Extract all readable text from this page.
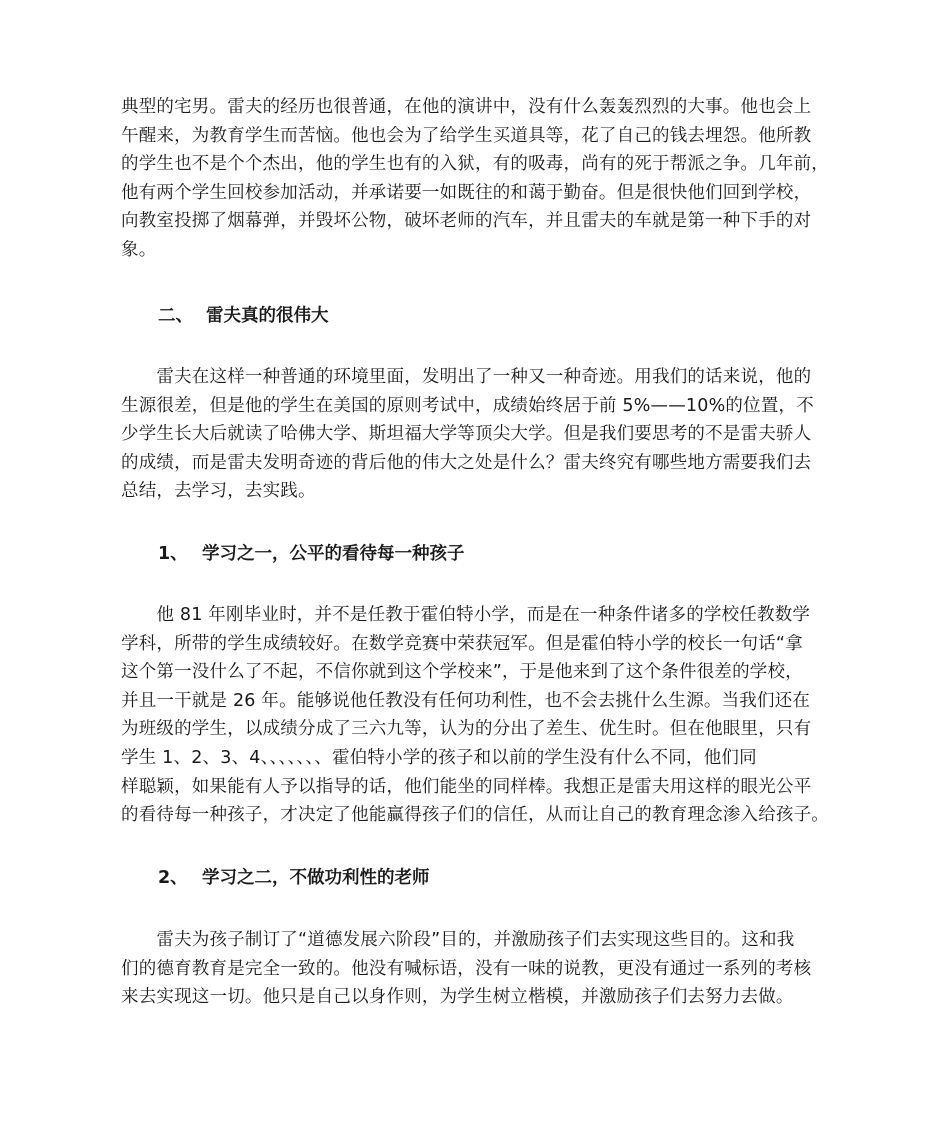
典型的宅男。雷夫的经历也很普通，在他的演讲中，没有什么轰轰烈烈的大事。他也会上
午醒来，为教育学生而苦恼。他也会为了给学生买道具等，花了自己的钱去埋怨。他所教
的学生也不是个个杰出，他的学生也有的入狱，有的吸毒，尚有的死于帮派之争。几年前，
他有两个学生回校参加活动，并承诺要一如既往的和蔼于勤奋。但是很快他们回到学校，
向教室投掷了烟幕弹，并毁坏公物，破坏老师的汽车，并且雷夫的车就是第一种下手的对
象。

二、 雷夫真的很伟大

　　雷夫在这样一种普通的环境里面，发明出了一种又一种奇迹。用我们的话来说，他的
生源很差，但是他的学生在美国的原则考试中，成绩始终居于前 5%——10%的位置，不
少学生长大后就读了哈佛大学、斯坦福大学等顶尖大学。但是我们要思考的不是雷夫骄人
的成绩，而是雷夫发明奇迹的背后他的伟大之处是什么？雷夫终究有哪些地方需要我们去
总结，去学习，去实践。

1、 学习之一，公平的看待每一种孩子

　　他 81 年刚毕业时，并不是任教于霍伯特小学，而是在一种条件诸多的学校任教数学
学科，所带的学生成绩较好。在数学竞赛中荣获冠军。但是霍伯特小学的校长一句话“拿
这个第一没什么了不起，不信你就到这个学校来”，于是他来到了这个条件很差的学校，
并且一干就是 26 年。能够说他任教没有任何功利性，也不会去挑什么生源。当我们还在
为班级的学生，以成绩分成了三六九等，认为的分出了差生、优生时。但在他眼里，只有
学生 1、2、3、4、、、、、、、霍伯特小学的孩子和以前的学生没有什么不同，他们同
样聪颖，如果能有人予以指导的话，他们能坐的同样棒。我想正是雷夫用这样的眼光公平
的看待每一种孩子，才决定了他能赢得孩子们的信任，从而让自己的教育理念渗入给孩子。

2、 学习之二，不做功利性的老师

　　雷夫为孩子制订了“道德发展六阶段”目的，并激励孩子们去实现这些目的。这和我
们的德育教育是完全一致的。他没有喊标语，没有一味的说教，更没有通过一系列的考核
来去实现这一切。他只是自己以身作则，为学生树立楷模，并激励孩子们去努力去做。
